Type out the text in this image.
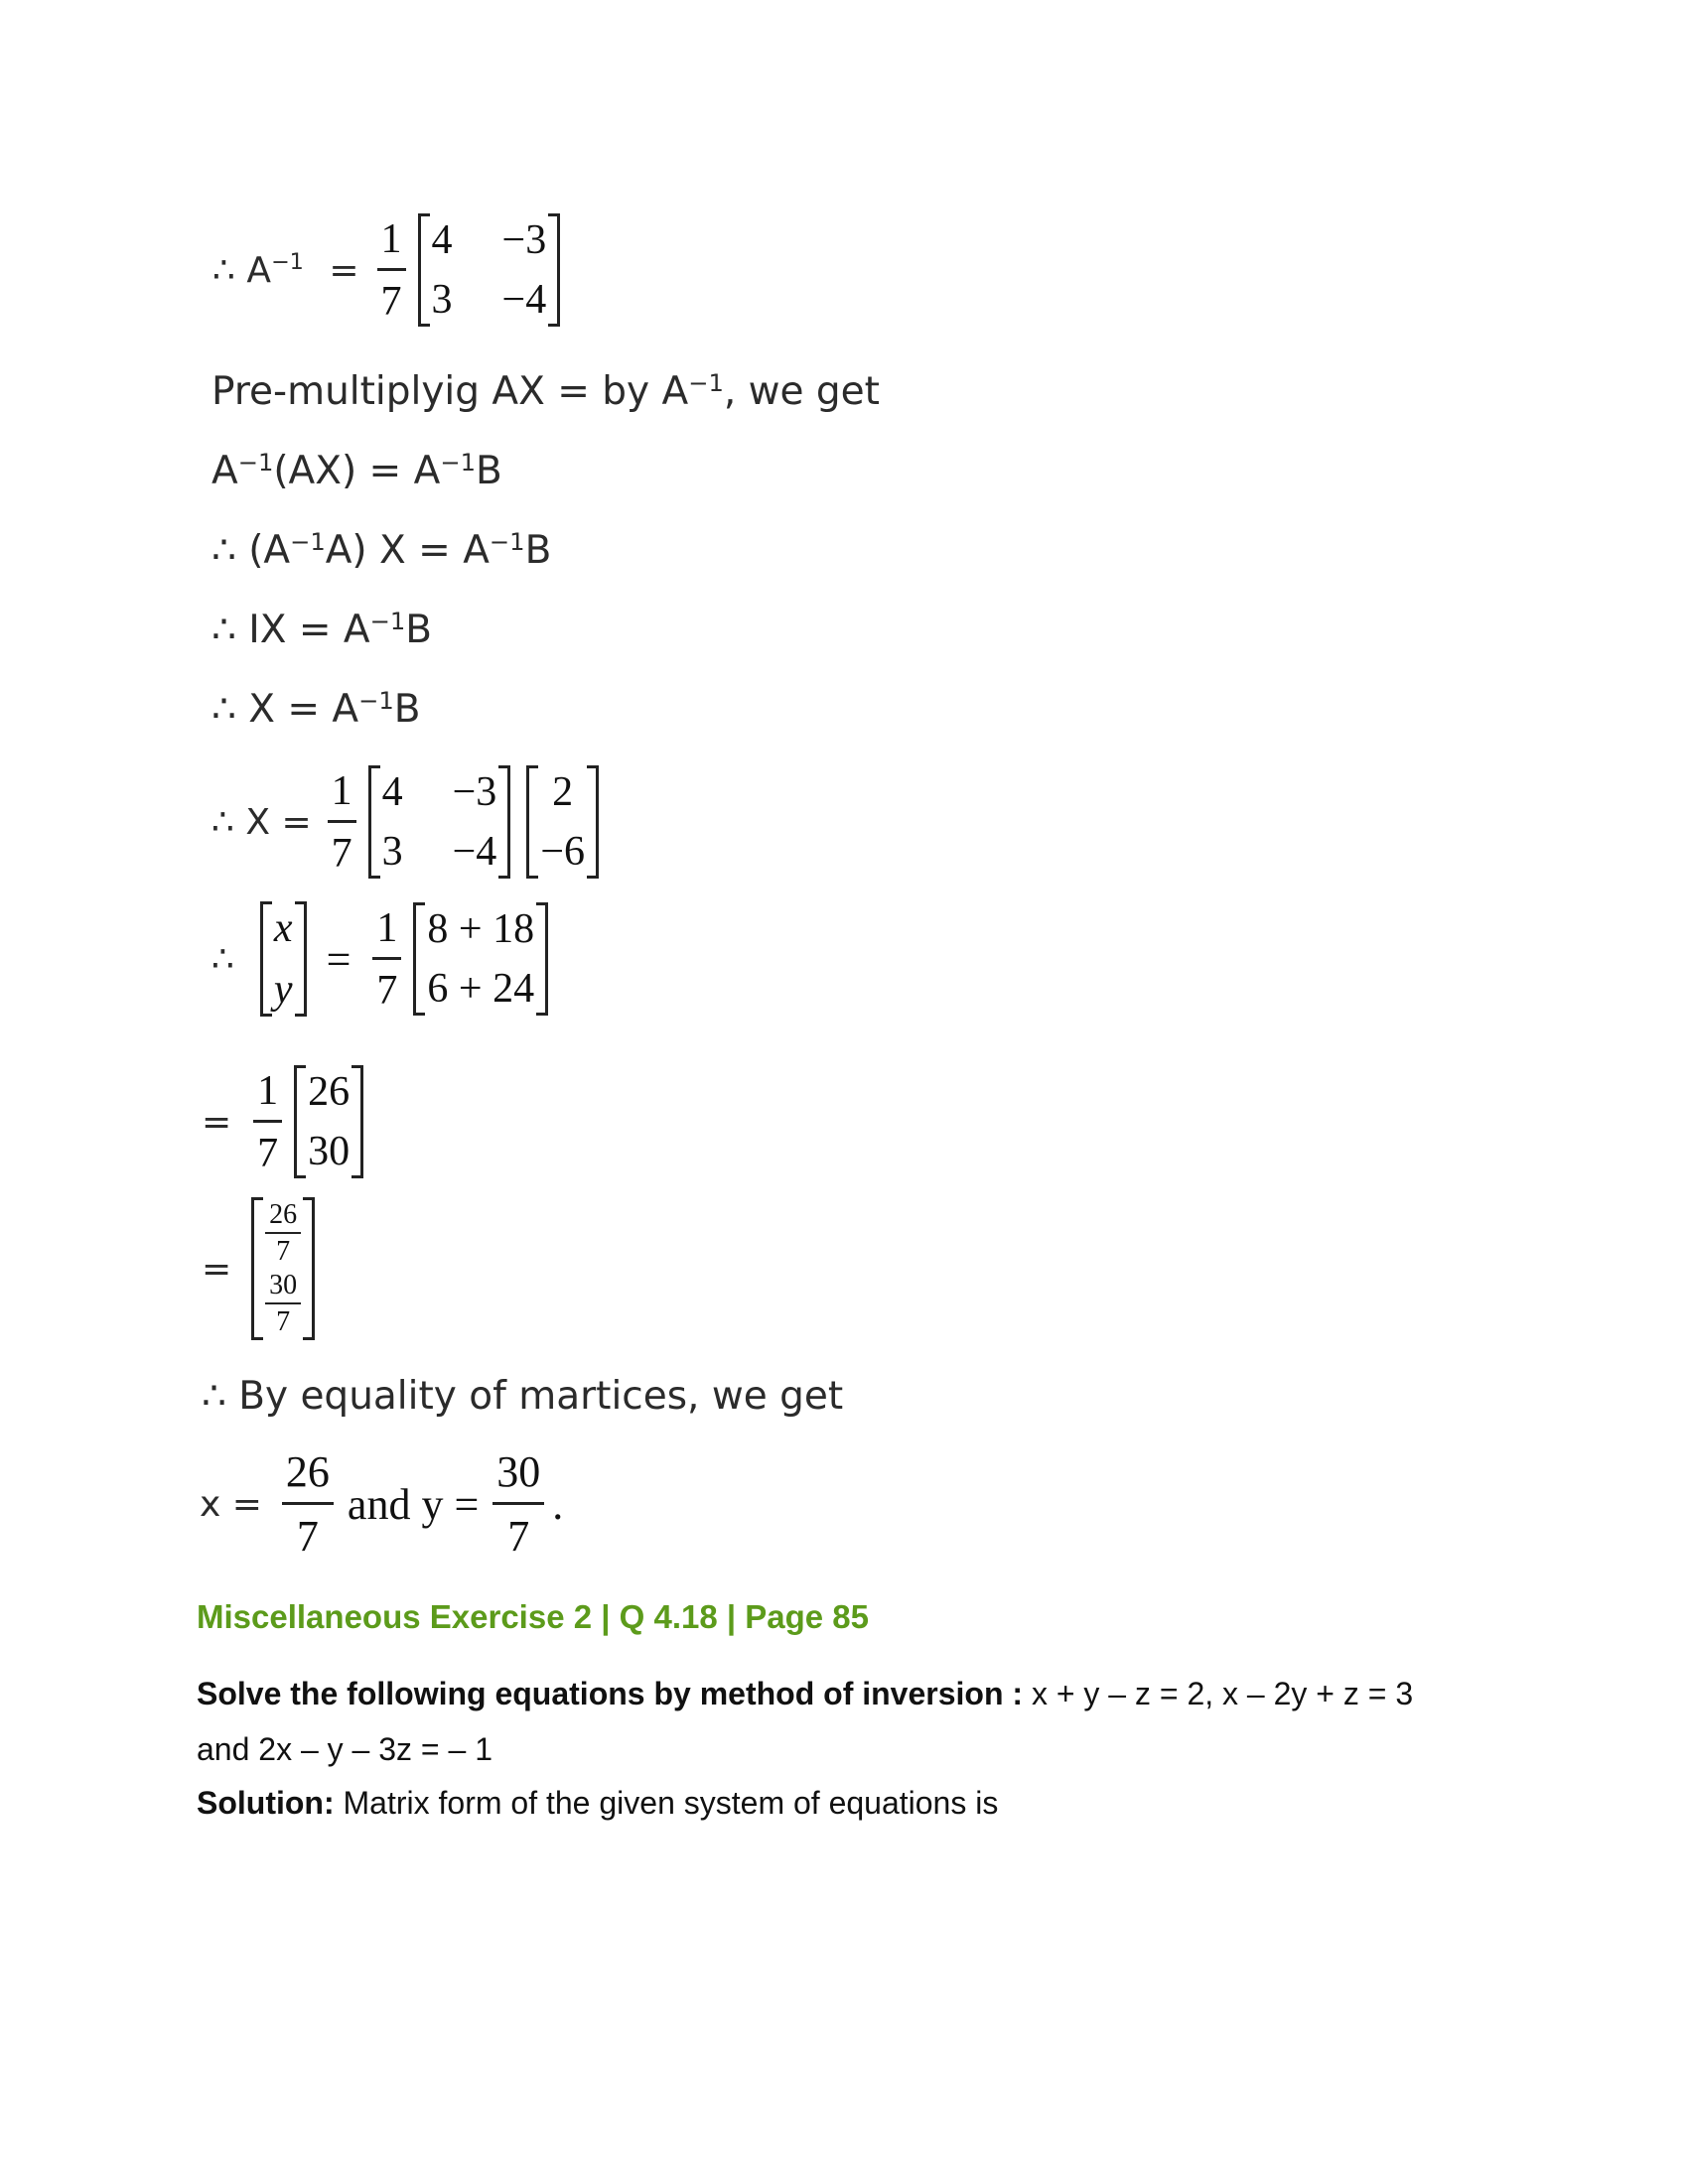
∴ $A^{-1} = \frac{1}{7} 4 -3$
3 −4
Pre-multiplyig AX = by $A^{-1}$, we get
$A^{-1}(AX) = A^{-1}B$
∴ $(A^{-1}A) X = A^{-1}B$
∴ IX = $A^{-1}B$
∴ $X = A^{-1}B$
∴ $X = \frac{1}{7} 4 -3$
3 −4
2
−6
∴
x
y
= $\frac{1}{7} 8 + 18$
6 + 24
= $\frac{1}{7} 26$
30
=
$\frac{26}{7}$
$\frac{30}{7}$
∴ By equality of martices, we get
$x = \frac{26}{7}$ and $y = \frac{30}{7}$ .
Miscellaneous Exercise 2 | Q 4.18 | Page 85
Solve the following equations by method of inversion : x + y – z = 2, x – 2y + z = 3
and 2x – y – 3z = – 1
Solution: Matrix form of the given system of equations is
